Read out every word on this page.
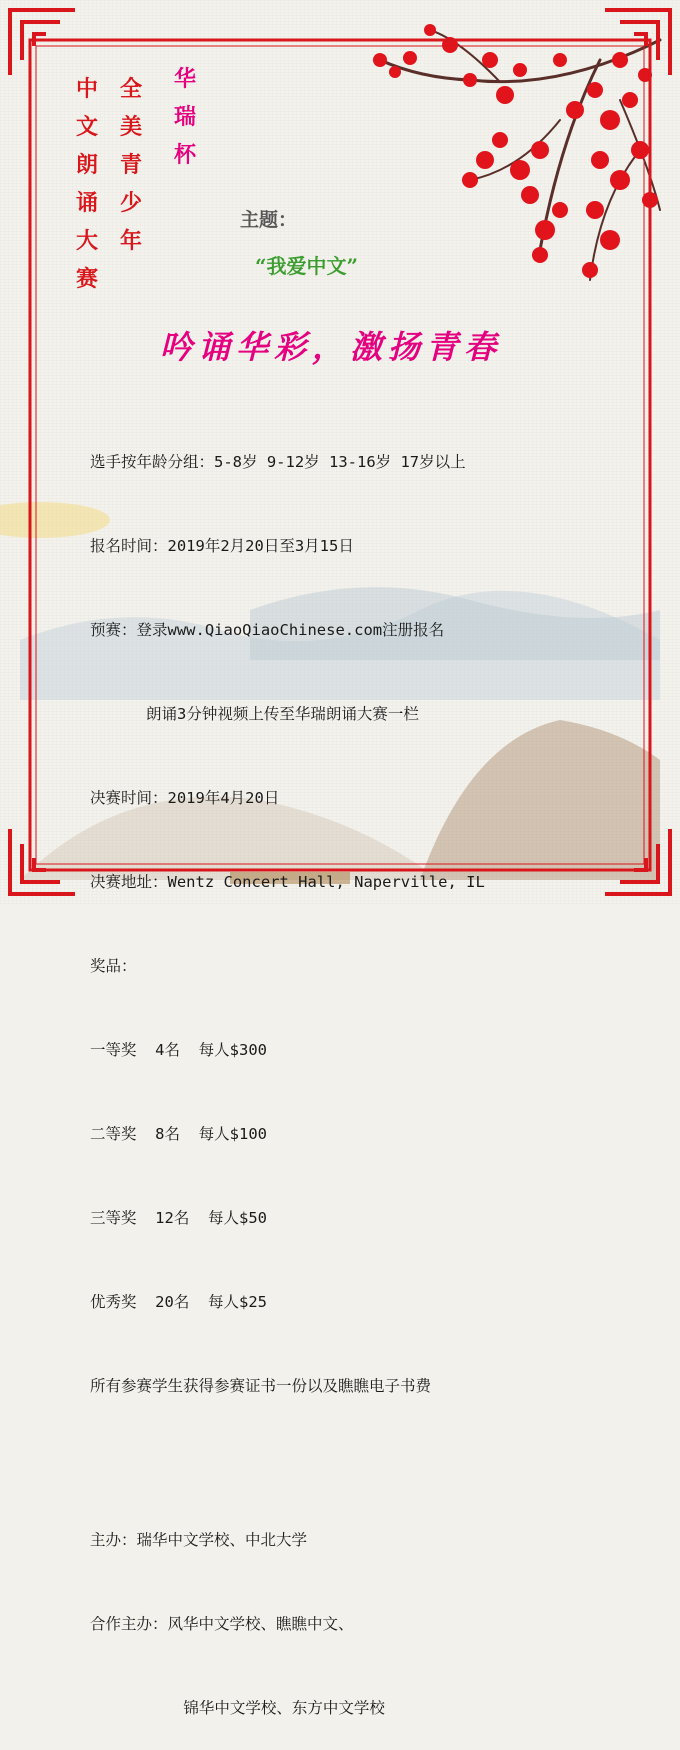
中
文
朗
诵
大
赛
全
美
青
少
年
华
瑞
杯
主题：
“我爱中文”
吟诵华彩，激扬青春

选手按年龄分组：5-8岁 9-12岁 13-16岁 17岁以上

报名时间：2019年2月20日至3月15日

预赛：登录www.QiaoQiaoChinese.com注册报名

朗诵3分钟视频上传至华瑞朗诵大赛一栏

决赛时间：2019年4月20日

决赛地址：Wentz Concert Hall, Naperville, IL

奖品：

一等奖  4名  每人$300

二等奖  8名  每人$100

三等奖  12名  每人$50

优秀奖  20名  每人$25

所有参赛学生获得参赛证书一份以及瞧瞧电子书费

主办：瑞华中文学校、中北大学

合作主办：风华中文学校、瞧瞧中文、

锦华中文学校、东方中文学校
